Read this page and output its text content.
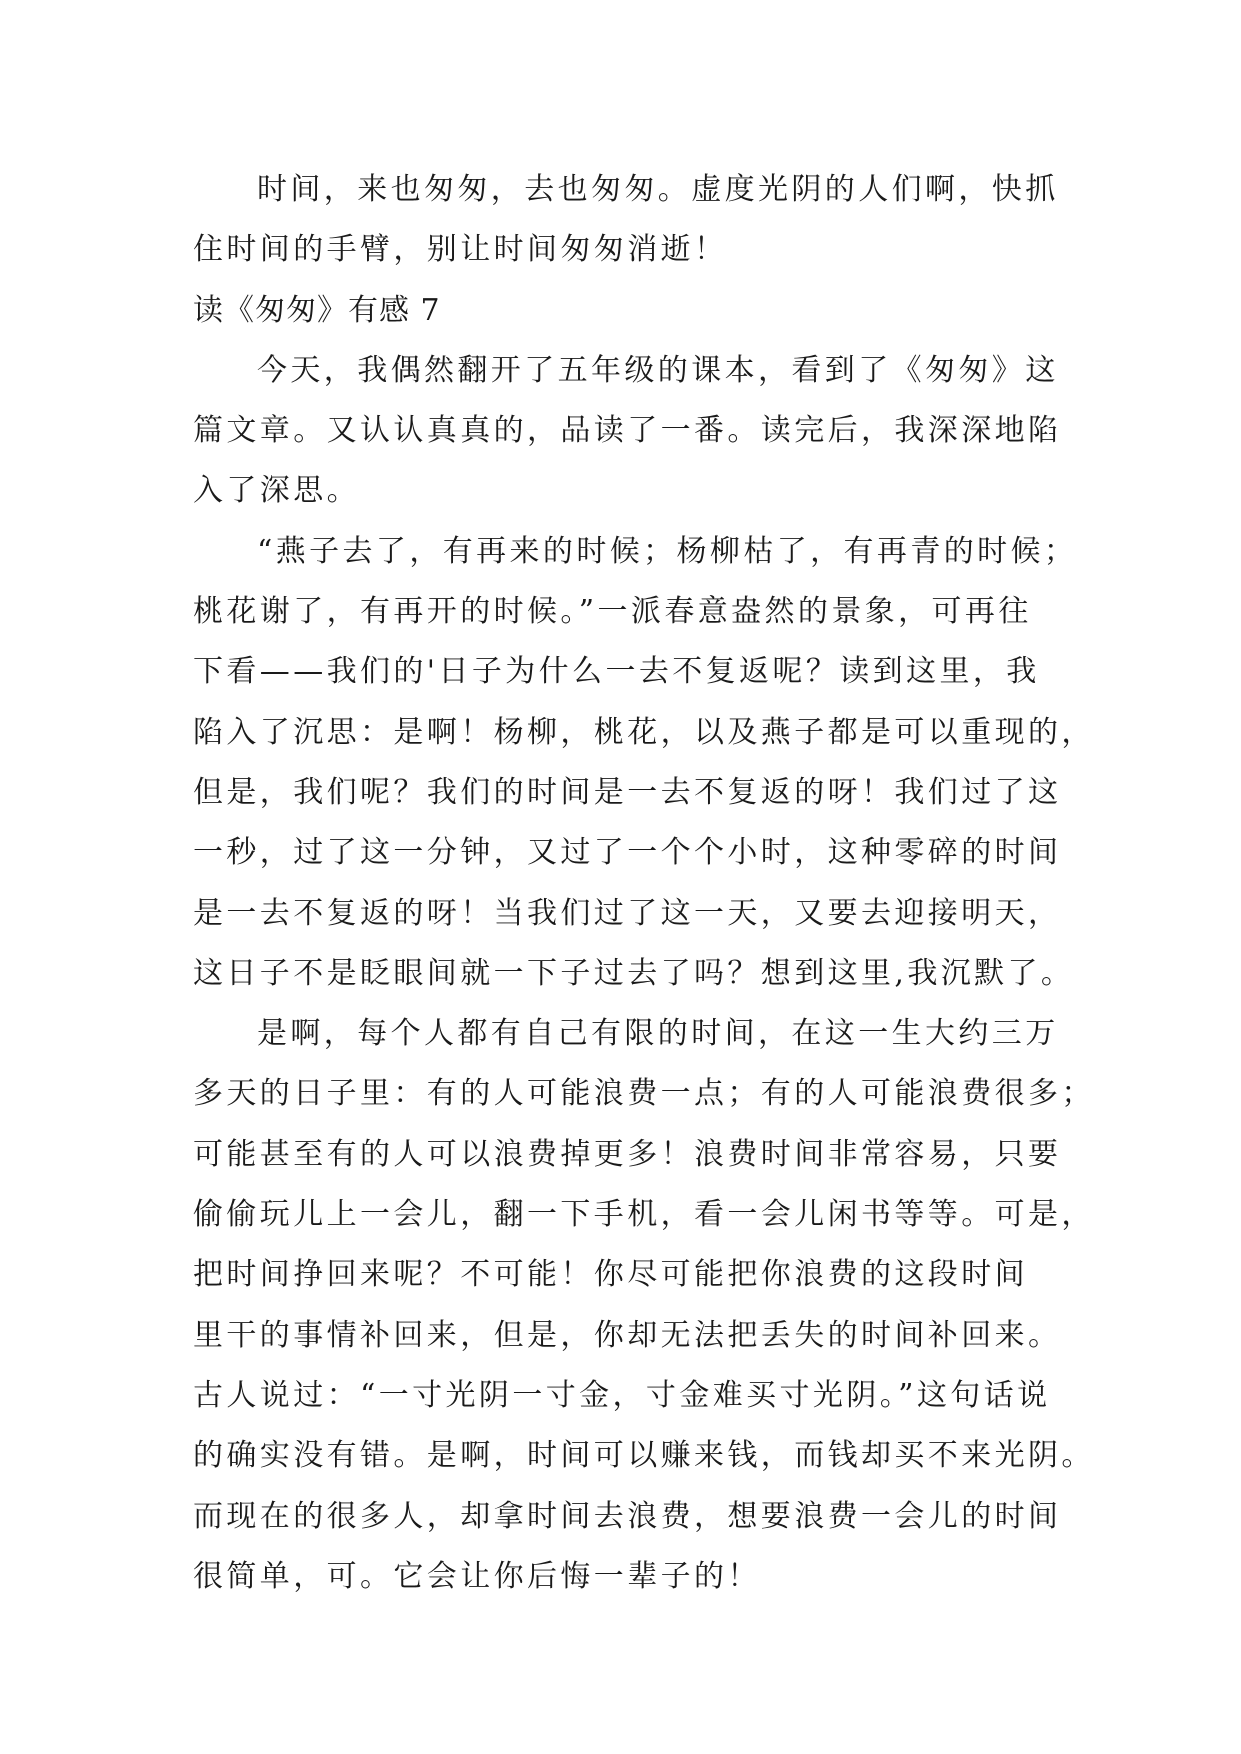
时间，来也匆匆，去也匆匆。虚度光阴的人们啊，快抓
住时间的手臂，别让时间匆匆消逝！
读《匆匆》有感 7
今天，我偶然翻开了五年级的课本，看到了《匆匆》这
篇文章。又认认真真的，品读了一番。读完后，我深深地陷
入了深思。
“燕子去了，有再来的时候；杨柳枯了，有再青的时候；
桃花谢了，有再开的时候。”一派春意盎然的景象，可再往
下看——我们的'日子为什么一去不复返呢？读到这里，我
陷入了沉思：是啊！杨柳，桃花，以及燕子都是可以重现的，
但是，我们呢？我们的时间是一去不复返的呀！我们过了这
一秒，过了这一分钟，又过了一个个小时，这种零碎的时间
是一去不复返的呀！当我们过了这一天，又要去迎接明天，
这日子不是眨眼间就一下子过去了吗？想到这里,我沉默了。
是啊，每个人都有自己有限的时间，在这一生大约三万
多天的日子里：有的人可能浪费一点；有的人可能浪费很多；
可能甚至有的人可以浪费掉更多！浪费时间非常容易，只要
偷偷玩儿上一会儿，翻一下手机，看一会儿闲书等等。可是，
把时间挣回来呢？不可能！你尽可能把你浪费的这段时间
里干的事情补回来，但是，你却无法把丢失的时间补回来。
古人说过：“一寸光阴一寸金，寸金难买寸光阴。”这句话说
的确实没有错。是啊，时间可以赚来钱，而钱却买不来光阴。
而现在的很多人，却拿时间去浪费，想要浪费一会儿的时间
很简单，可。它会让你后悔一辈子的！
